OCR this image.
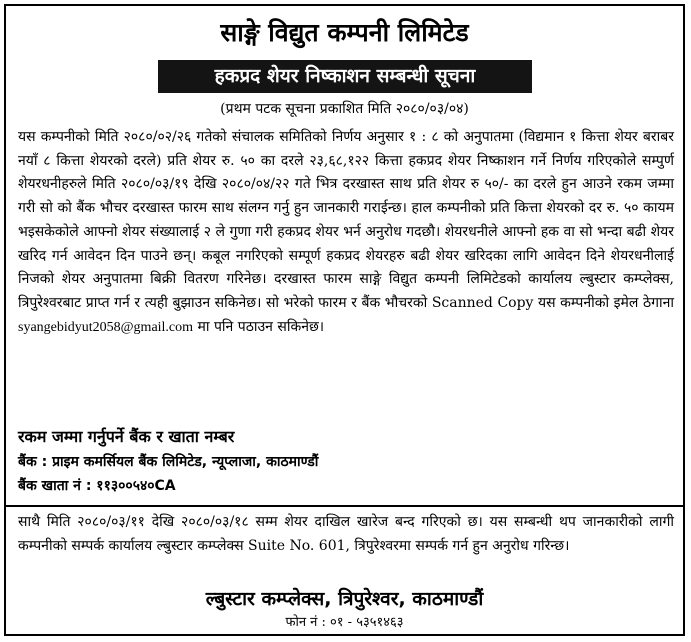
साङ्गे विद्युत कम्पनी लिमिटेड
हकप्रद शेयर निष्काशन सम्बन्धी सूचना
(प्रथम पटक सूचना प्रकाशित मिति २०८०/०३/०४)
यस कम्पनीको मिति २०८०/०२/२६ गतेको संचालक समितिको निर्णय अनुसार १ : ८ को अनुपातमा (विद्यमान १ कित्ता शेयर बराबर नयाँ ८ कित्ता शेयरको दरले) प्रति शेयर रु. ५० का दरले २३,६८,१२२ कित्ता हकप्रद शेयर निष्काशन गर्ने निर्णय गरिएकोले सम्पुर्ण शेयरधनीहरुले मिति २०८०/०३/१९ देखि २०८०/०४/२२ गते भित्र दरखास्त साथ प्रति शेयर रु ५०/- का दरले हुन आउने रकम जम्मा गरी सो को बैंक भौचर दरखास्त फारम साथ संलग्न गर्नु हुन जानकारी गराईन्छ। हाल कम्पनीको प्रति कित्ता शेयरको दर रु. ५० कायम भइसकेकोले आफ्नो शेयर संख्यालाई २ ले गुणा गरी हकप्रद शेयर भर्न अनुरोध गदछौ। शेयरधनीले आफ्नो हक वा सो भन्दा बढी शेयर खरिद गर्न आवेदन दिन पाउने छन्। कबूल नगरिएको सम्पूर्ण हकप्रद शेयरहरु बढी शेयर खरिदका लागि आवेदन दिने शेयरधनीलाई निजको शेयर अनुपातमा बिक्री वितरण गरिनेछ। दरखास्त फारम साङ्गे विद्युत कम्पनी लिमिटेडको कार्यालय ल्बुस्टार कम्प्लेक्स, त्रिपुरेश्वरबाट प्राप्त गर्न र त्यही बुझाउन सकिनेछ। सो भरेको फारम र बैंक भौचरको Scanned Copy यस कम्पनीको इमेल ठेगाना syangebidyut2058@gmail.com मा पनि पठाउन सकिनेछ।
रकम जम्मा गर्नुपर्ने बैंक र खाता नम्बर
बैंक : प्राइम कमर्सियल बैंक लिमिटेड, न्यूप्लाजा, काठमाण्डौं
बैंक खाता नं : ११३००५४०CA
साथै मिति २०८०/०३/११ देखि २०८०/०३/१८ सम्म शेयर दाखिल खारेज बन्द गरिएको छ। यस सम्बन्धी थप जानकारीको लागी कम्पनीको सम्पर्क कार्यालय ल्बुस्टार कम्प्लेक्स Suite No. 601, त्रिपुरेश्वरमा सम्पर्क गर्न हुन अनुरोध गरिन्छ।
ल्बुस्टार कम्प्लेक्स, त्रिपुरेश्वर, काठमाण्डौं
फोन नं : ०१ - ५३५१४६३
